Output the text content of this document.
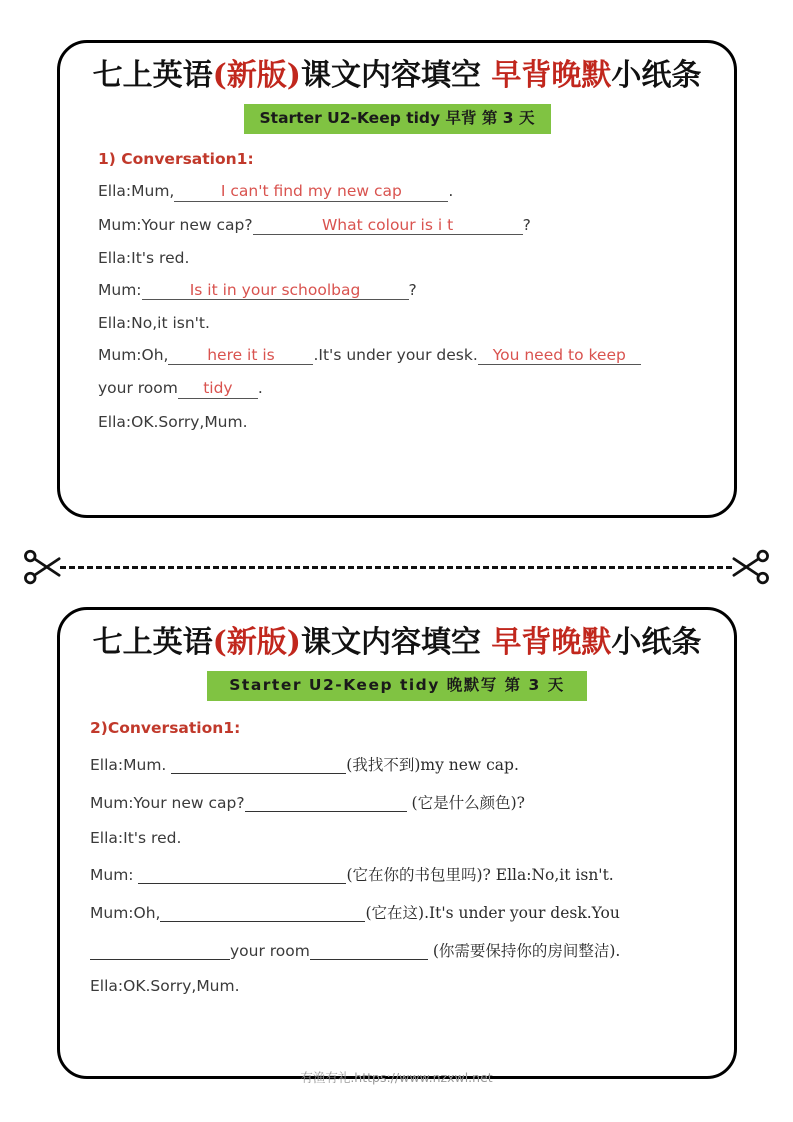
七上英语(新版)课文内容填空 早背晚默小纸条
Starter U2-Keep tidy 早背 第 3 天
1) Conversation1:
Ella:Mum,	I can't find my new cap	.
Mum:Your new cap?	What colour is i t	?
Ella:It's red.
Mum:	Is it in your schoolbag	?
Ella:No,it isn't.
Mum:Oh, here it is .It's under your desk. You need to keep
your room tidy .
Ella:OK.Sorry,Mum.
七上英语(新版)课文内容填空 早背晚默小纸条
Starter U2-Keep tidy 晚默写 第 3 天
2)Conversation1:
Ella:Mum.	(我找不到)my new cap.
Mum:Your new cap?	(它是什么颜色)?
Ella:It's red.
Mum:	(它在你的书包里吗)? Ella:No,it isn't.
Mum:Oh,	(它在这).It's under your desk.You
your room	(你需要保持你的房间整洁).
Ella:OK.Sorry,Mum.
有渔有礼.https://www.nzxwl.net
